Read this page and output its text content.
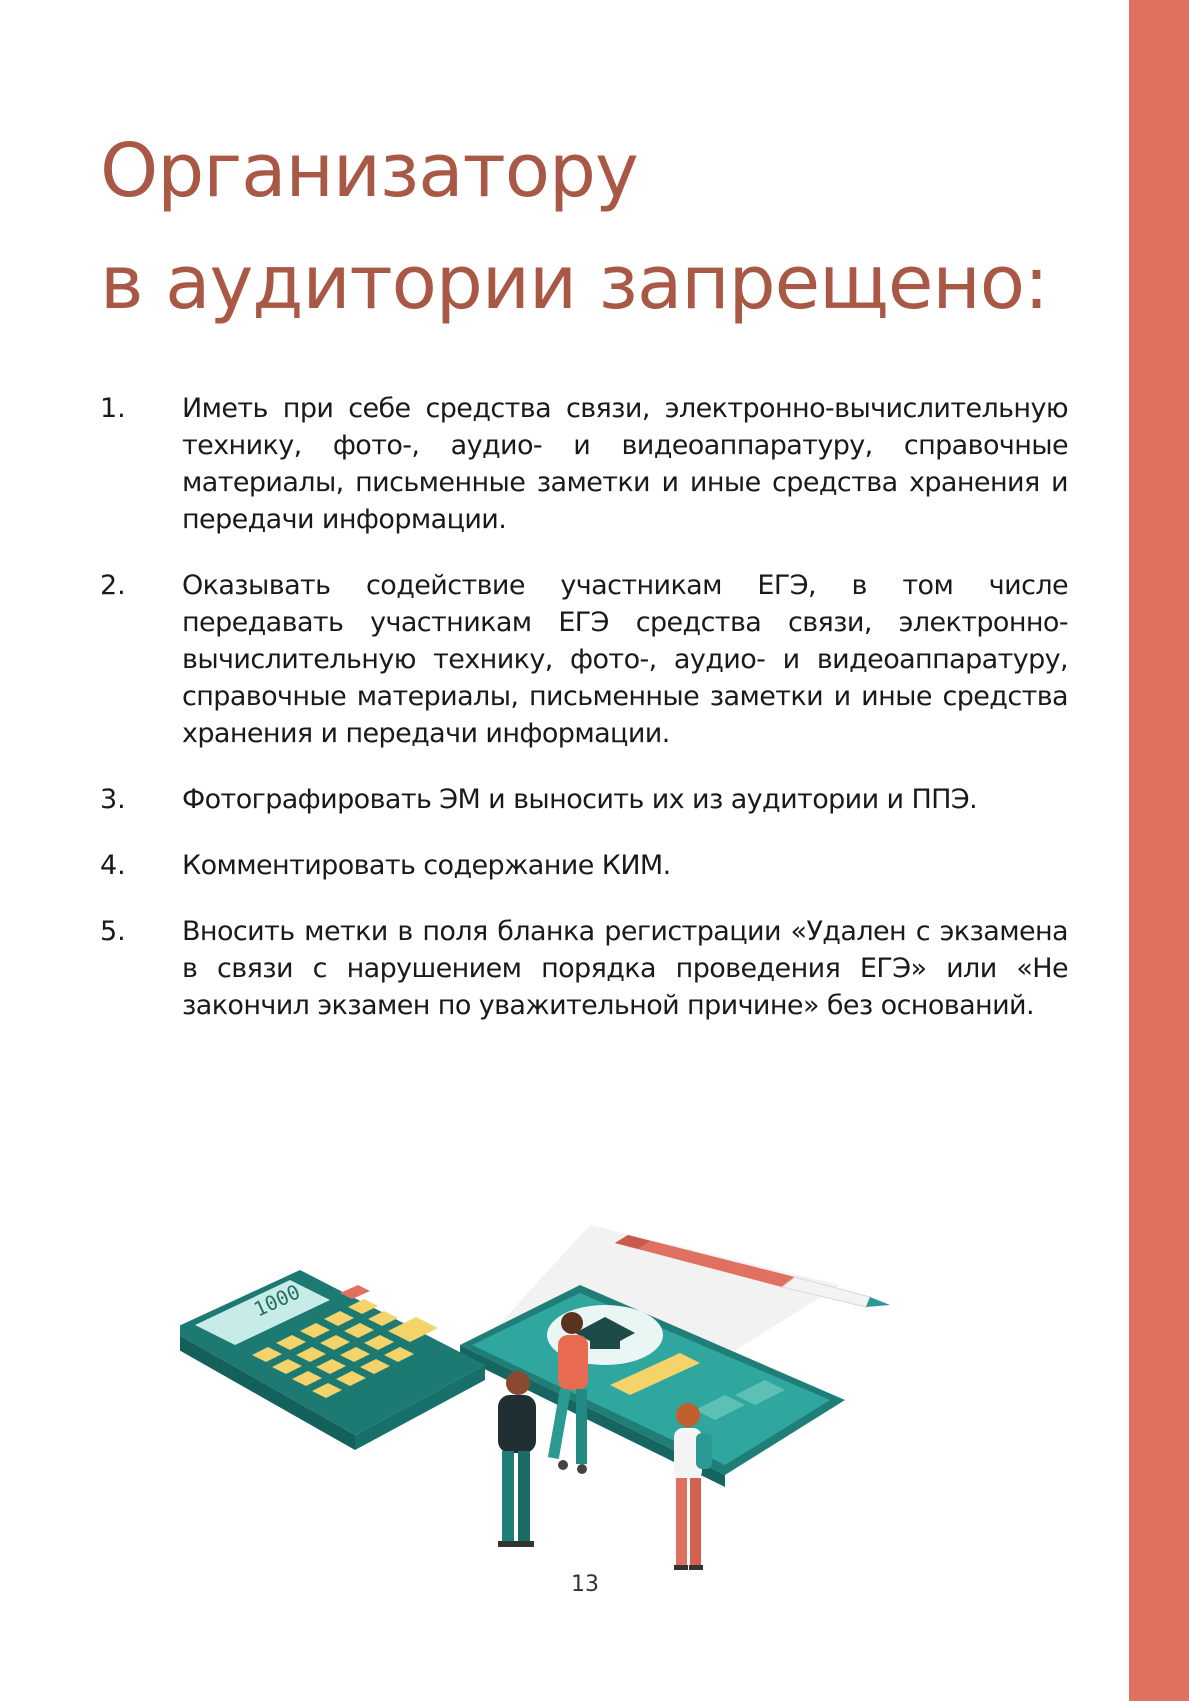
Организатору
в аудитории запрещено:
1. Иметь при себе средства связи, электронно-вычислительную технику, фото-, аудио- и видеоаппаратуру, справочные материалы, письменные заметки и иные средства хранения и передачи информации.
2. Оказывать содействие участникам ЕГЭ, в том числе передавать участникам ЕГЭ средства связи, электронно-вычислительную технику, фото-, аудио- и видеоаппаратуру, справочные материалы, письменные заметки и иные средства хранения и передачи информации.
3. Фотографировать ЭМ и выносить их из аудитории и ППЭ.
4. Комментировать содержание КИМ.
5. Вносить метки в поля бланка регистрации «Удален с экзамена в связи с нарушением порядка проведения ЕГЭ» или «Не закончил экзамен по уважительной причине» без оснований.
1000
13
